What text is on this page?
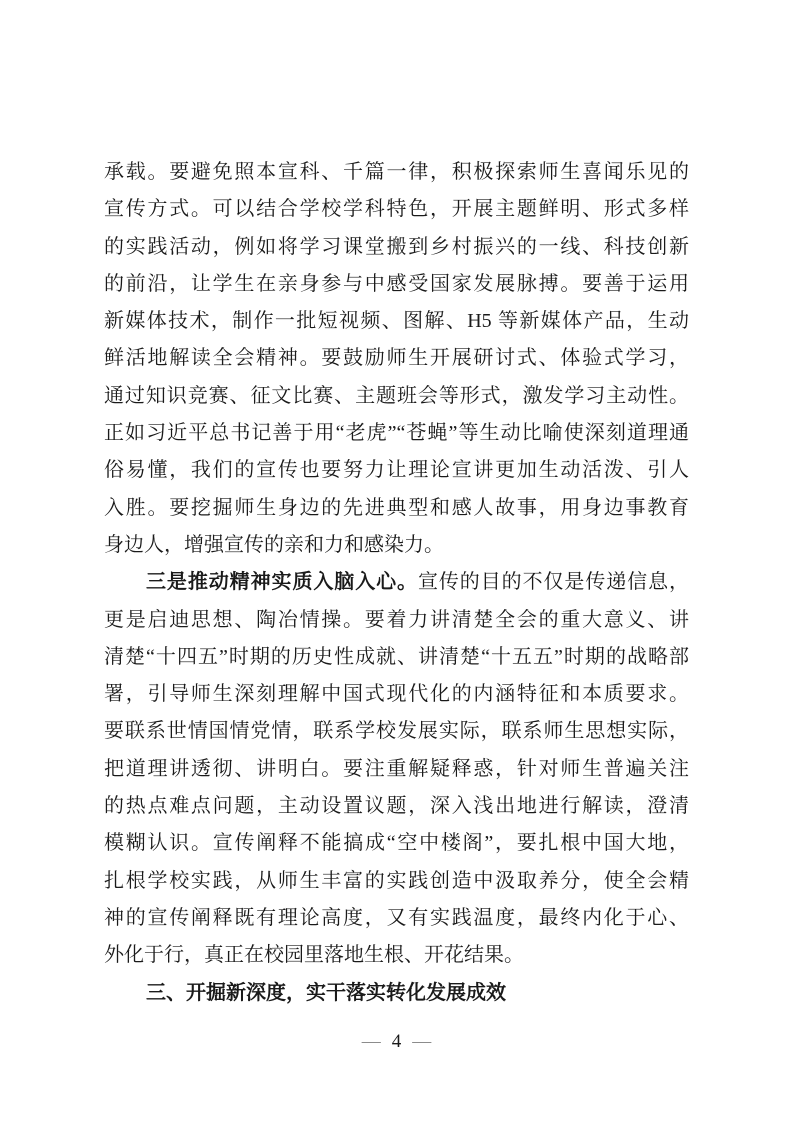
承载。要避免照本宣科、千篇一律，积极探索师生喜闻乐见的
宣传方式。可以结合学校学科特色，开展主题鲜明、形式多样
的实践活动，例如将学习课堂搬到乡村振兴的一线、科技创新
的前沿，让学生在亲身参与中感受国家发展脉搏。要善于运用
新媒体技术，制作一批短视频、图解、H5 等新媒体产品，生动
鲜活地解读全会精神。要鼓励师生开展研讨式、体验式学习，
通过知识竞赛、征文比赛、主题班会等形式，激发学习主动性。
正如习近平总书记善于用“老虎”“苍蝇”等生动比喻使深刻道理通
俗易懂，我们的宣传也要努力让理论宣讲更加生动活泼、引人
入胜。要挖掘师生身边的先进典型和感人故事，用身边事教育
身边人，增强宣传的亲和力和感染力。
三是推动精神实质入脑入心。宣传的目的不仅是传递信息，
更是启迪思想、陶冶情操。要着力讲清楚全会的重大意义、讲
清楚“十四五”时期的历史性成就、讲清楚“十五五”时期的战略部
署，引导师生深刻理解中国式现代化的内涵特征和本质要求。
要联系世情国情党情，联系学校发展实际，联系师生思想实际，
把道理讲透彻、讲明白。要注重解疑释惑，针对师生普遍关注
的热点难点问题，主动设置议题，深入浅出地进行解读，澄清
模糊认识。宣传阐释不能搞成“空中楼阁”，要扎根中国大地，
扎根学校实践，从师生丰富的实践创造中汲取养分，使全会精
神的宣传阐释既有理论高度，又有实践温度，最终内化于心、
外化于行，真正在校园里落地生根、开花结果。
三、开掘新深度，实干落实转化发展成效
— 4 —
